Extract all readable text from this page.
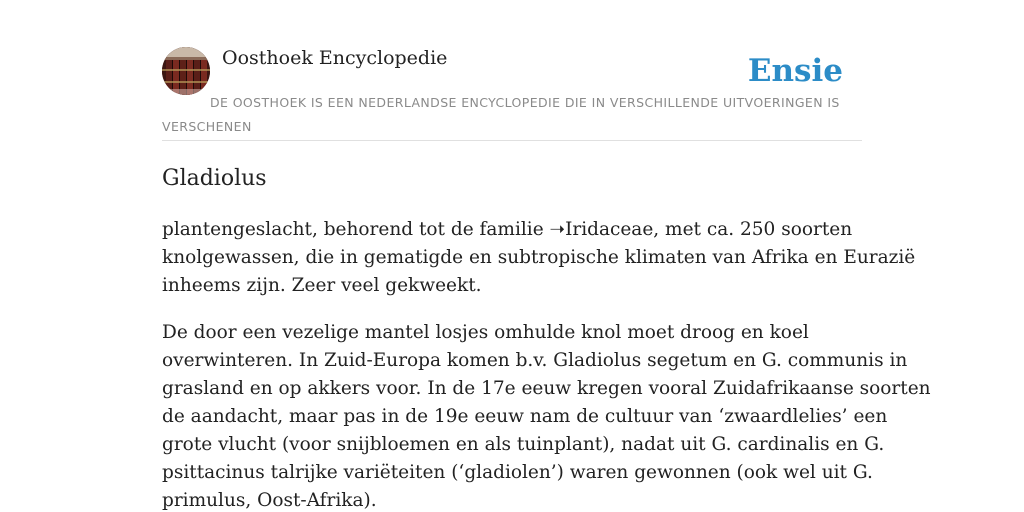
Oosthoek Encyclopedie	Ensie
DE OOSTHOEK IS EEN NEDERLANDSE ENCYCLOPEDIE DIE IN VERSCHILLENDE UITVOERINGEN IS VERSCHENEN
Gladiolus

plantengeslacht, behorend tot de familie ➝Iridaceae, met ca. 250 soorten
knolgewassen, die in gematigde en subtropische klimaten van Afrika en Eurazië
inheems zijn. Zeer veel gekweekt.

De door een vezelige mantel losjes omhulde knol moet droog en koel
overwinteren. In Zuid-Europa komen b.v. Gladiolus segetum en G. communis in
grasland en op akkers voor. In de 17e eeuw kregen vooral Zuidafrikaanse soorten
de aandacht, maar pas in de 19e eeuw nam de cultuur van ‘zwaardlelies’ een
grote vlucht (voor snijbloemen en als tuinplant), nadat uit G. cardinalis en G.
psittacinus talrijke variëteiten (‘gladiolen’) waren gewonnen (ook wel uit G.
primulus, Oost-Afrika).
